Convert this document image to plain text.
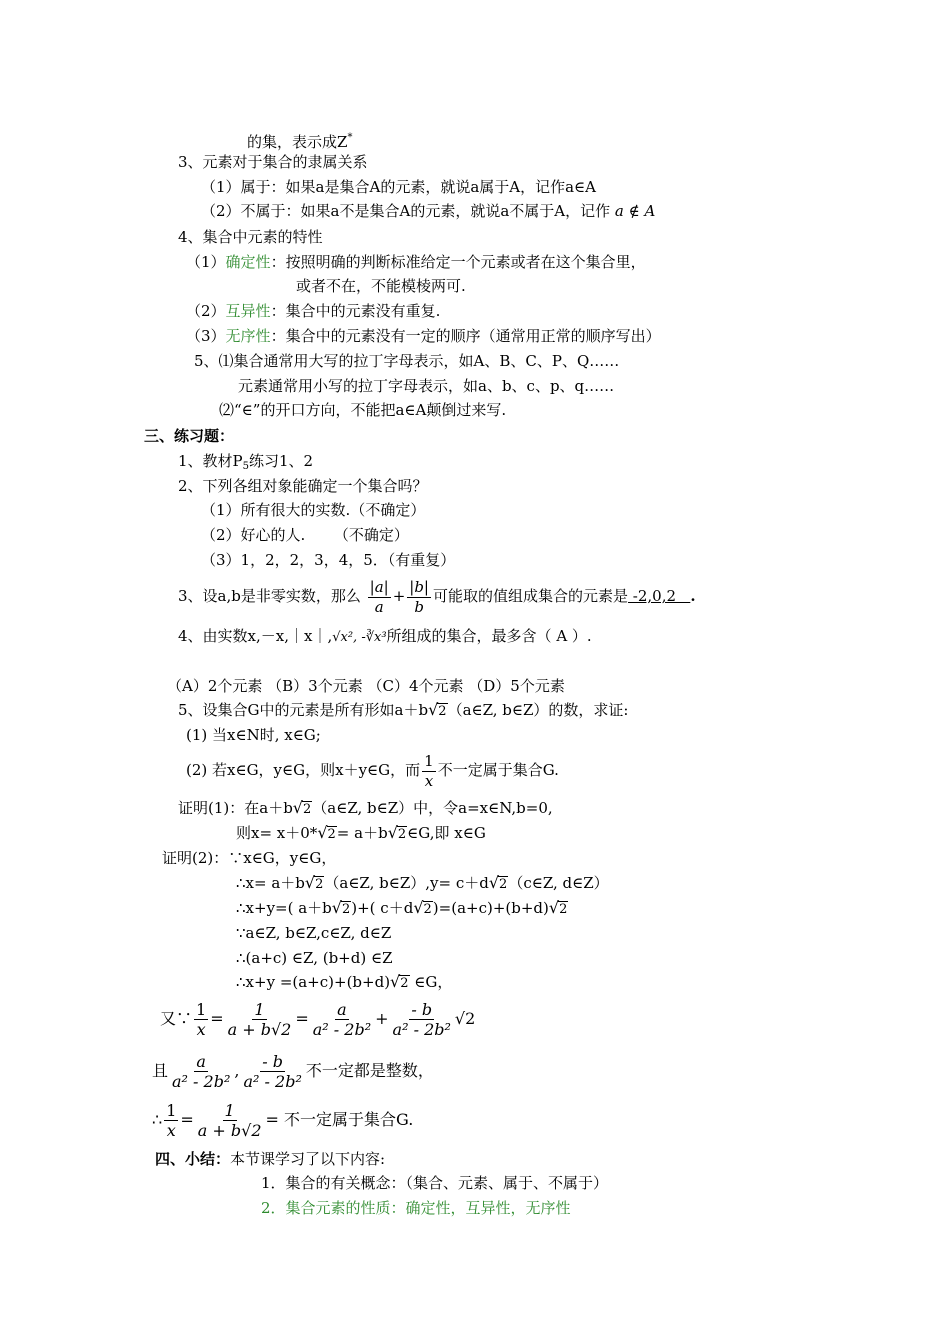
的集，表示成Z*
3、元素对于集合的隶属关系
（1）属于：如果a是集合A的元素，就说a属于A，记作a∈A
（2）不属于：如果a不是集合A的元素，就说a不属于A，记作 a ∉ A
4、集合中元素的特性
（1）确定性：按照明确的判断标准给定一个元素或者在这个集合里，
或者不在，不能模棱两可.
（2）互异性：集合中的元素没有重复.
（3）无序性：集合中的元素没有一定的顺序（通常用正常的顺序写出）
5、⑴集合通常用大写的拉丁字母表示，如A、B、C、P、Q……
元素通常用小写的拉丁字母表示，如a、b、c、p、q……
⑵“∈”的开口方向，不能把a∈A颠倒过来写.
三、练习题：
1、教材$P_5$练习1、2
2、下列各组对象能确定一个集合吗？
（1）所有很大的实数.（不确定）
（2）好心的人.      （不确定）
（3）1，2，2，3，4，5．（有重复）
3、设a,b是非零实数，那么 $\frac{|a|}{a} + \frac{|b|}{b}$ 可能取的值组成集合的元素是 -2,0,2   .
4、由实数x,－x,｜x｜,√x², -∛x³所组成的集合，最多含（ A ）.
（A）2个元素 （B）3个元素 （C）4个元素 （D）5个元素
5、设集合G中的元素是所有形如a＋b√2（a∈Z, b∈Z）的数，求证:
(1) 当x∈N时, x∈G;
(2) 若x∈G，y∈G，则x＋y∈G，而 $\frac{1}{x}$ 不一定属于集合G.
证明(1)：在a＋b√2（a∈Z, b∈Z）中，令a=x∈N,b=0,
则x= x＋0*√2= a＋b√2∈G,即 x∈G
证明(2)：∵x∈G，y∈G，
∴x= a＋b√2（a∈Z, b∈Z）,y= c＋d√2（c∈Z, d∈Z）
∴x+y=( a＋b√2)+( c＋d√2)=(a+c)+(b+d)√2
∵a∈Z, b∈Z,c∈Z, d∈Z
∴(a+c) ∈Z, (b+d) ∈Z
∴x+y =(a+c)+(b+d)√2 ∈G，
又∵ $\frac{1}{x} = \frac{1}{a + b√2} = \frac{a}{\text{a² - 2b²}} + \frac{- b}{\text{a² - 2b²}} √2$
且 $\frac{a}{\text{a² - 2b²}}$ , $\frac{- b}{\text{a² - 2b²}}$ 不一定都是整数，
∴ $\frac{1}{x} = \frac{1}{a + b√2}$ = 不一定属于集合G.
四、小结：本节课学习了以下内容:
1．集合的有关概念：（集合、元素、属于、不属于）
2．集合元素的性质：确定性，互异性，无序性
